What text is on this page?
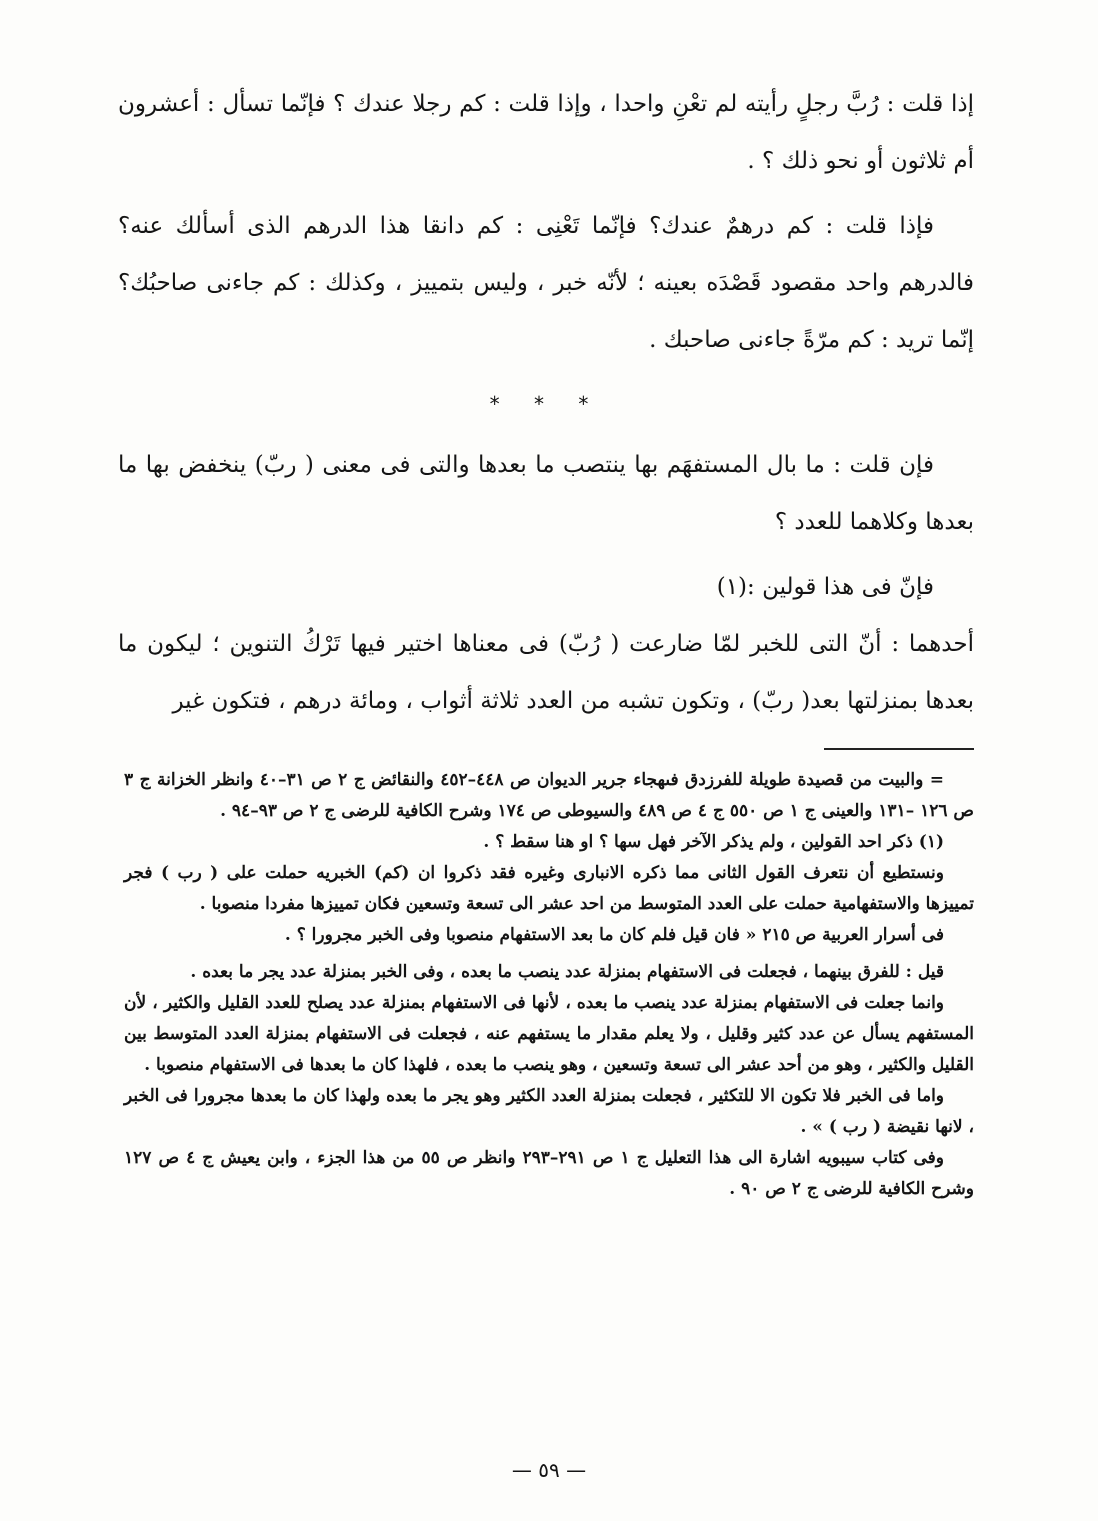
إذا قلت : رُبَّ رجلٍ رأيته لم تعْنِ واحدا ، وإذا قلت : كم رجلا عندك ؟ فإنّما تسأل : أعشرون أم ثلاثون أو نحو ذلك ؟ .

فإذا قلت : كم درهمٌ عندك؟ فإنّما تَعْنِى : كم دانقا هذا الدرهم الذى أسألك عنه؟ فالدرهم واحد مقصود قَصْدَه بعينه ؛ لأنّه خبر ، وليس بتمييز ، وكذلك : كم جاءنى صاحبُك؟ إنّما تريد : كم مرّةً جاءنى صاحبك .

* * *

فإن قلت : ما بال المستفهَم بها ينتصب ما بعدها والتى فى معنى ( ربّ) ينخفض بها ما بعدها وكلاهما للعدد ؟

فإنّ فى هذا قولين :(١)

أحدهما : أنّ التى للخبر لمّا ضارعت ( رُبّ) فى معناها اختير فيها تَرْكُ التنوين ؛ ليكون ما بعدها بمنزلتها بعد( ربّ) ، وتكون تشبه من العدد ثلاثة أثواب ، ومائة درهم ، فتكون غير

= والبيت من قصيدة طويلة للفرزدق فىهجاء جرير الديوان ص ٤٤٨–٤٥٢ والنقائض ج ٢ ص ٣١–٤٠ وانظر الخزانة ج ٣ ص ١٢٦ –١٣١ والعينى ج ١ ص ٥٥٠ ج ٤ ص ٤٨٩ والسيوطى ص ١٧٤ وشرح الكافية للرضى ج ٢ ص ٩٣–٩٤ .

(١) ذكر احد القولين ، ولم يذكر الآخر فهل سها ؟ او هنا سقط ؟ .

ونستطيع أن نتعرف القول الثانى مما ذكره الانبارى وغيره فقد ذكروا ان (كم) الخبريه حملت على ( رب ) فجر تمييزها والاستفهامية حملت على العدد المتوسط من احد عشر الى تسعة وتسعين فكان تمييزها مفردا منصوبا .

فى أسرار العربية ص ٢١٥ « فان قيل فلم كان ما بعد الاستفهام منصوبا وفى الخبر مجرورا ؟ .

قيل : للفرق بينهما ، فجعلت فى الاستفهام بمنزلة عدد ينصب ما بعده ، وفى الخبر بمنزلة عدد يجر ما بعده .

وانما جعلت فى الاستفهام بمنزلة عدد ينصب ما بعده ، لأنها فى الاستفهام بمنزلة عدد يصلح للعدد القليل والكثير ، لأن المستفهم يسأل عن عدد كثير وقليل ، ولا يعلم مقدار ما يستفهم عنه ، فجعلت فى الاستفهام بمنزلة العدد المتوسط بين القليل والكثير ، وهو من أحد عشر الى تسعة وتسعين ، وهو ينصب ما بعده ، فلهذا كان ما بعدها فى الاستفهام منصوبا .

واما فى الخبر فلا تكون الا للتكثير ، فجعلت بمنزلة العدد الكثير وهو يجر ما بعده ولهذا كان ما بعدها مجرورا فى الخبر ، لانها نقيضة ( رب ) » .

وفى كتاب سيبويه اشارة الى هذا التعليل ج ١ ص ٢٩١–٢٩٣ وانظر ص ٥٥ من هذا الجزء ، وابن يعيش ج ٤ ص ١٢٧ وشرح الكافية للرضى ج ٢ ص ٩٠ .

— ٥٩ —
